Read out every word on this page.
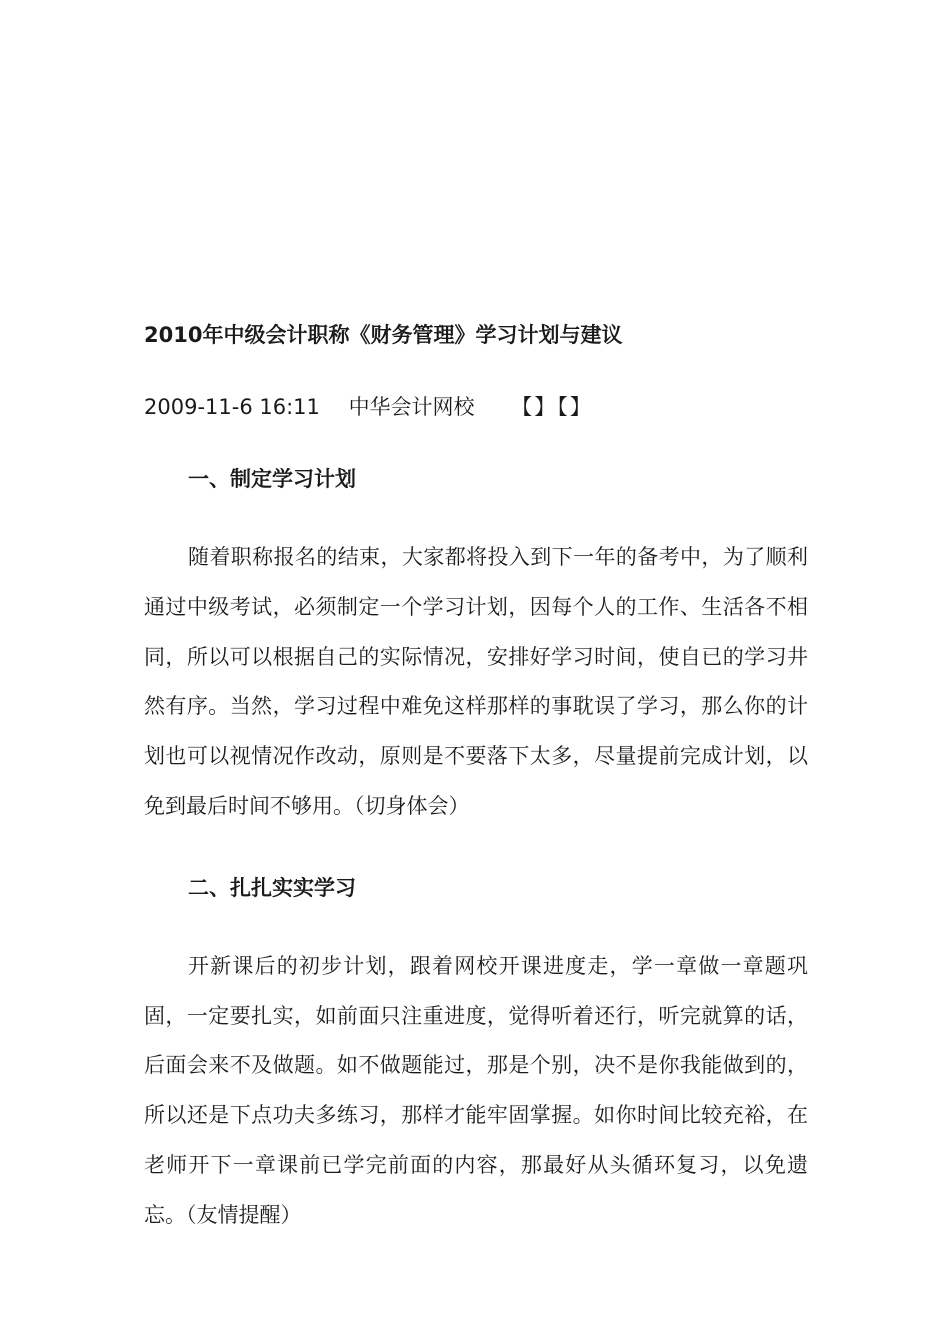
2010年中级会计职称《财务管理》学习计划与建议
2009-11-6 16:11 中华会计网校 【】【】
一、制定学习计划

随着职称报名的结束，大家都将投入到下一年的备考中，为了顺利通过中级考试，必须制定一个学习计划，因每个人的工作、生活各不相同，所以可以根据自己的实际情况，安排好学习时间，使自已的学习井然有序。当然，学习过程中难免这样那样的事耽误了学习，那么你的计划也可以视情况作改动，原则是不要落下太多，尽量提前完成计划，以免到最后时间不够用。（切身体会）

二、扎扎实实学习

开新课后的初步计划，跟着网校开课进度走，学一章做一章题巩固，一定要扎实，如前面只注重进度，觉得听着还行，听完就算的话，后面会来不及做题。如不做题能过，那是个别，决不是你我能做到的，所以还是下点功夫多练习，那样才能牢固掌握。如你时间比较充裕，在老师开下一章课前已学完前面的内容，那最好从头循环复习，以免遗忘。（友情提醒）
